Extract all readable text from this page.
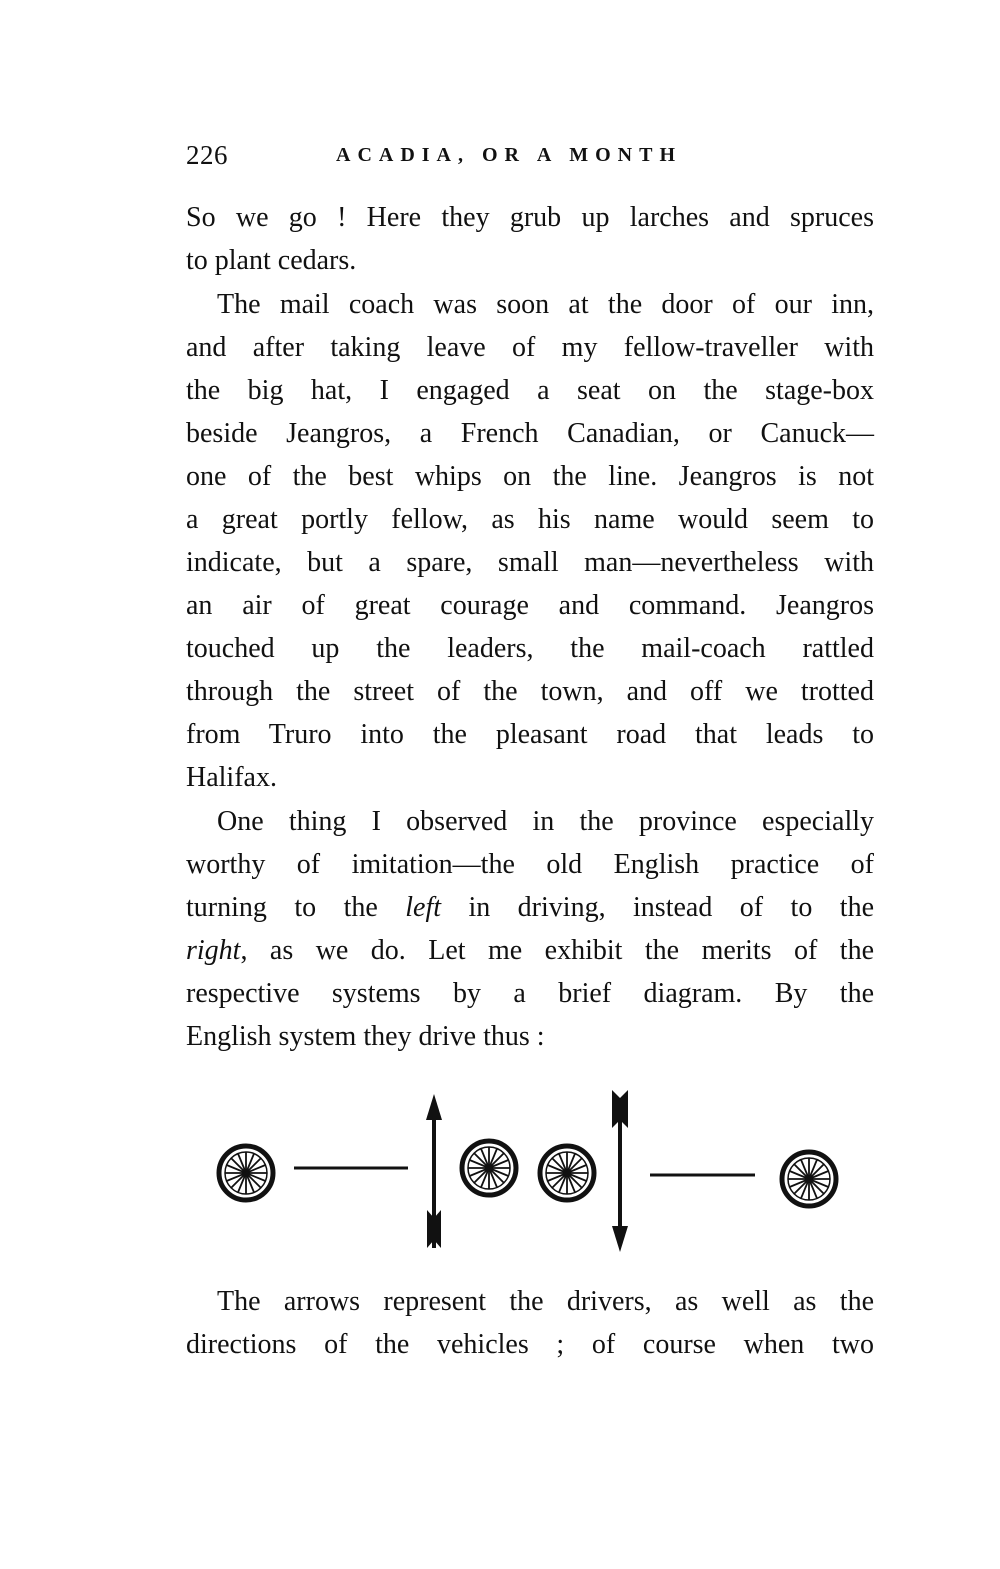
226	ACADIA, OR A MONTH
So we go ! Here they grub up larches and spruces
to plant cedars.
The mail coach was soon at the door of our inn,
and after taking leave of my fellow-traveller with
the big hat, I engaged a seat on the stage-box
beside Jeangros, a French Canadian, or Canuck—
one of the best whips on the line. Jeangros is not
a great portly fellow, as his name would seem to
indicate, but a spare, small man—nevertheless with
an air of great courage and command. Jeangros
touched up the leaders, the mail-coach rattled
through the street of the town, and off we trotted
from Truro into the pleasant road that leads to
Halifax.
One thing I observed in the province especially
worthy of imitation—the old English practice of
turning to the left in driving, instead of to the
right, as we do. Let me exhibit the merits of the
respective systems by a brief diagram. By the
English system they drive thus :
The arrows represent the drivers, as well as the
directions of the vehicles ; of course when two
